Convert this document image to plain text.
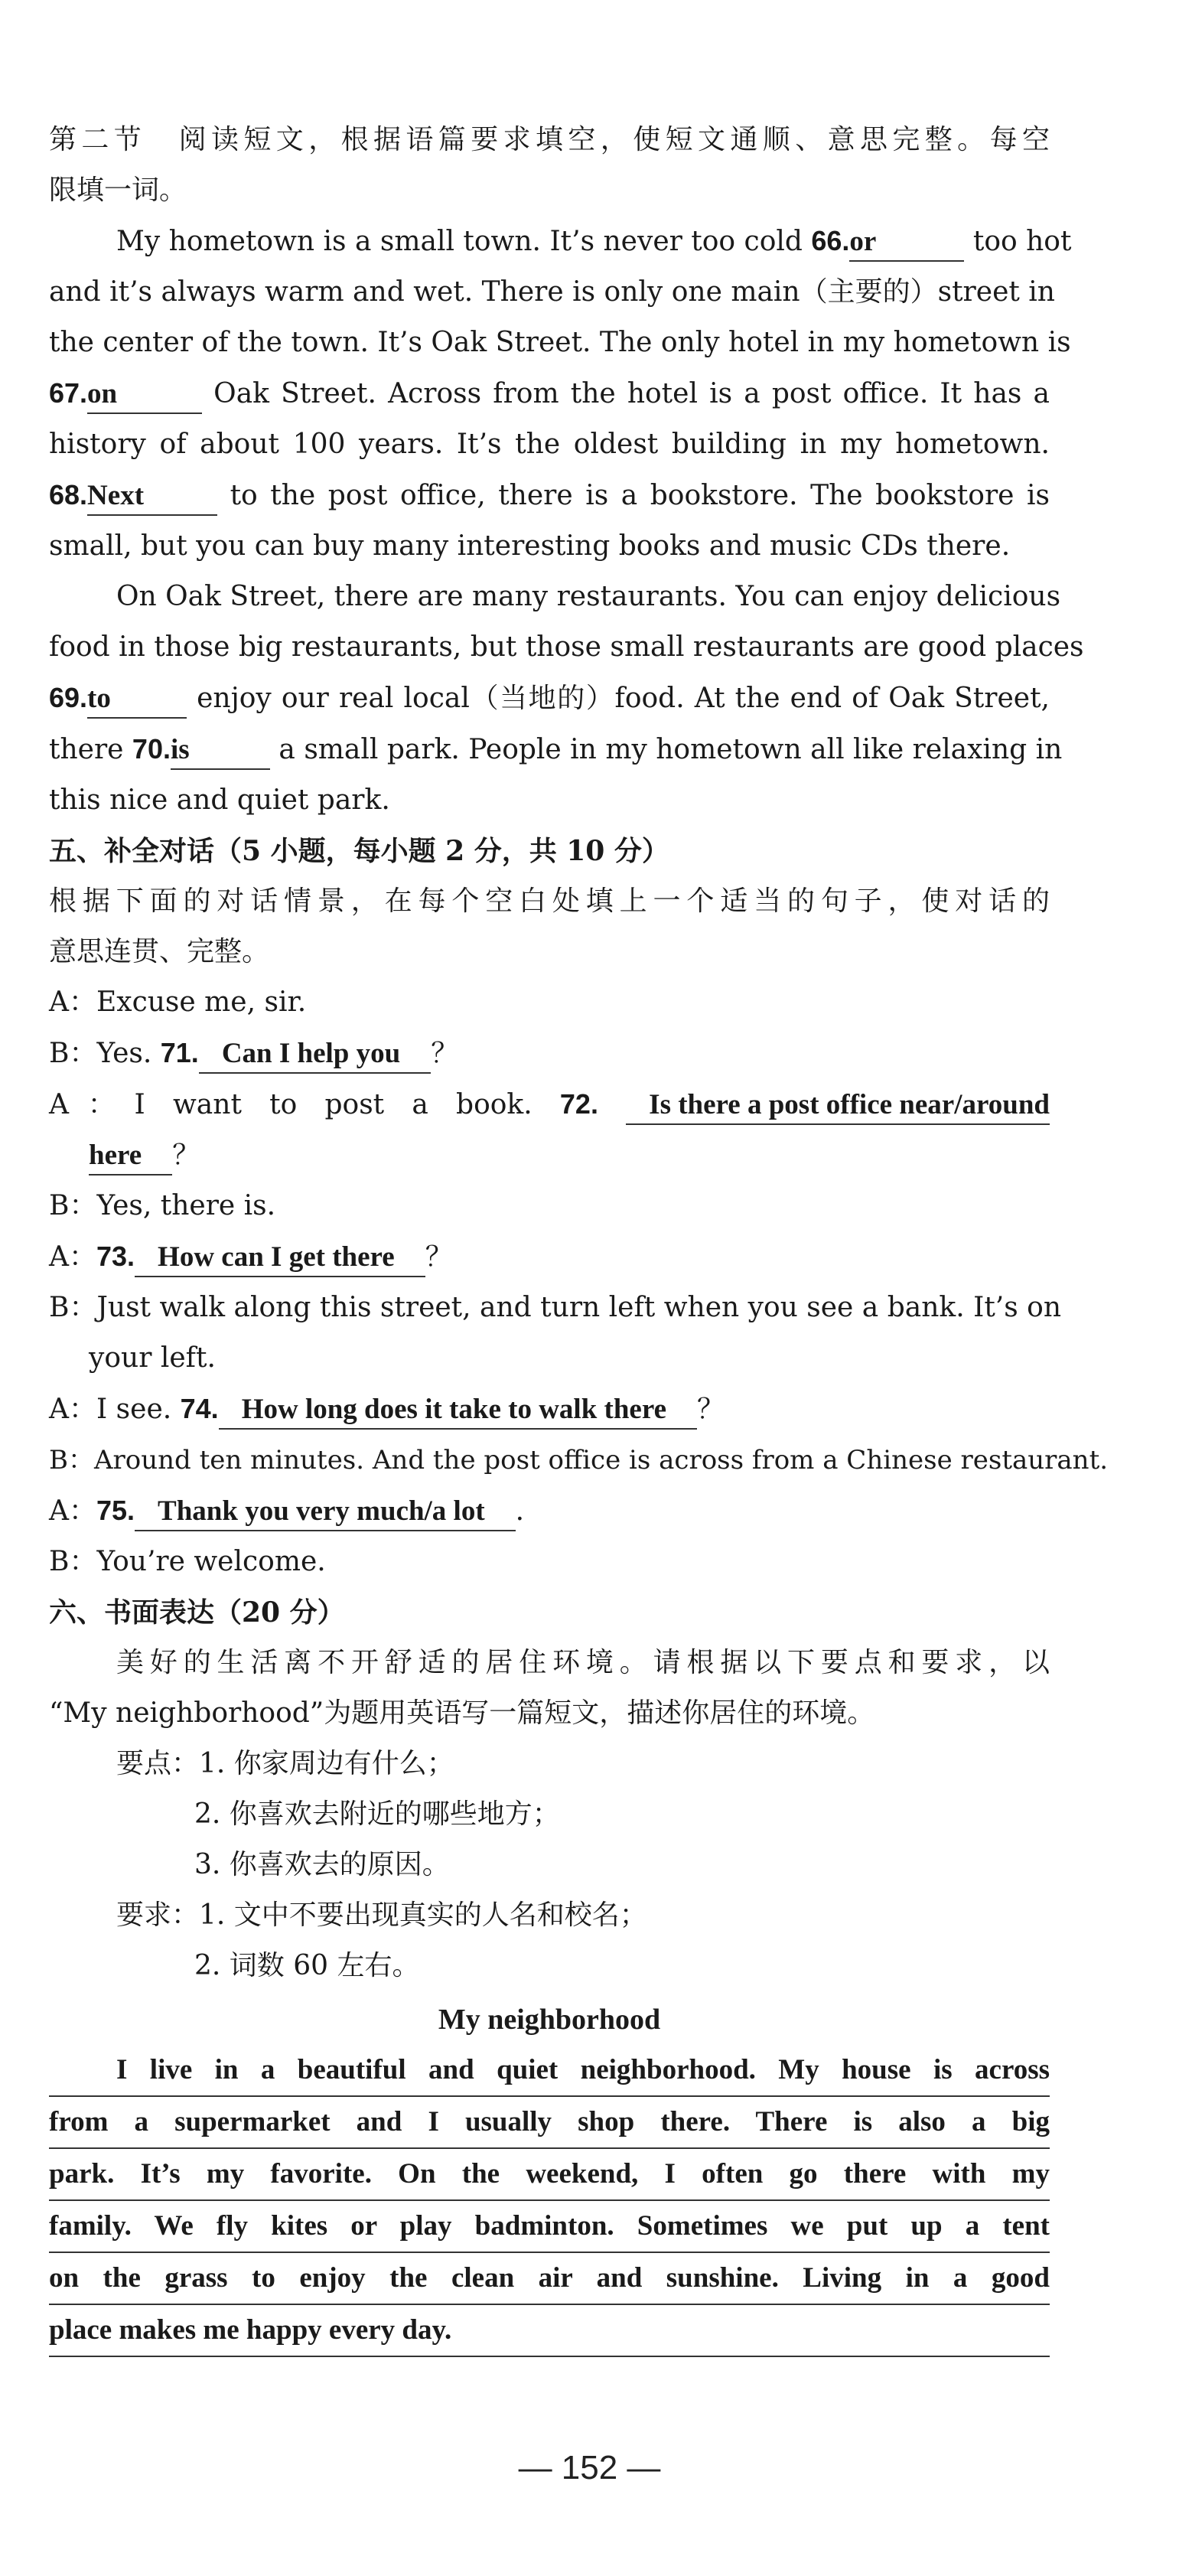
第二节　阅读短文，根据语篇要求填空，使短文通顺、意思完整。每空
限填一词。
My hometown is a small town. It’s never too cold 66.or	too hot
and it’s always warm and wet. There is only one main（主要的）street in
the center of the town. It’s Oak Street. The only hotel in my hometown is
67.on	Oak Street. Across from the hotel is a post office. It has a
history of about 100 years. It’s the oldest building in my hometown.
68.Next	to the post office, there is a bookstore. The bookstore is
small, but you can buy many interesting books and music CDs there.
On Oak Street, there are many restaurants. You can enjoy delicious
food in those big restaurants, but those small restaurants are good places
69.to	enjoy our real local（当地的）food. At the end of Oak Street,
there 70.is	a small park. People in my hometown all like relaxing in
this nice and quiet park.
五、补全对话（5 小题，每小题 2 分，共 10 分）
根据下面的对话情景，在每个空白处填上一个适当的句子，使对话的
意思连贯、完整。
A：Excuse me, sir.
B：Yes. 71. Can I help you ？
A：I want to post a book. 72. Is there a post office near/around
here ？
B：Yes, there is.
A：73. How can I get there ？
B：Just walk along this street, and turn left when you see a bank. It’s on
your left.
A：I see. 74. How long does it take to walk there ？
B：Around ten minutes. And the post office is across from a Chinese restaurant.
A：75. Thank you very much/a lot .
B：You’re welcome.
六、书面表达（20 分）
美好的生活离不开舒适的居住环境。请根据以下要点和要求，以
“My neighborhood”为题用英语写一篇短文，描述你居住的环境。
要点：1. 你家周边有什么；
2. 你喜欢去附近的哪些地方；
3. 你喜欢去的原因。
要求：1. 文中不要出现真实的人名和校名；
2. 词数 60 左右。
My neighborhood
I live in a beautiful and quiet neighborhood. My house is across
from a supermarket and I usually shop there. There is also a big
park. It’s my favorite. On the weekend, I often go there with my
family. We fly kites or play badminton. Sometimes we put up a tent
on the grass to enjoy the clean air and sunshine. Living in a good
place makes me happy every day.
— 152 —
